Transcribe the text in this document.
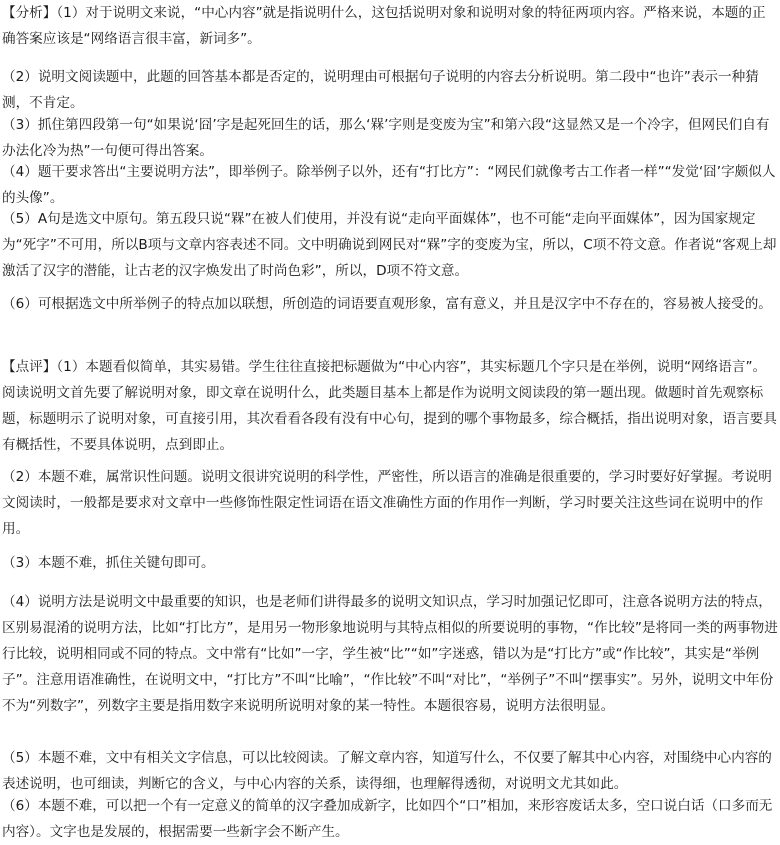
【分析】（1）对于说明文来说，“中心内容”就是指说明什么，这包括说明对象和说明对象的特征两项内容。严格来说，本题的正确答案应该是“网络语言很丰富，新词多”。

（2）说明文阅读题中，此题的回答基本都是否定的，说明理由可根据句子说明的内容去分析说明。第二段中“也许”表示一种猜测，不肯定。

（3）抓住第四段第一句“如果说‘囧’字是起死回生的话，那么‘槑’字则是变废为宝”和第六段“这显然又是一个冷字，但网民们自有办法化冷为热”一句便可得出答案。

（4）题干要求答出“主要说明方法”，即举例子。除举例子以外，还有“打比方”：“网民们就像考古工作者一样”“发觉‘囧’字颇似人的头像”。

（5）A句是选文中原句。第五段只说“槑”在被人们使用，并没有说“走向平面媒体”，也不可能“走向平面媒体”，因为国家规定为“死字”不可用，所以B项与文章内容表述不同。文中明确说到网民对“槑”字的变废为宝，所以，C项不符文意。作者说“客观上却激活了汉字的潜能，让古老的汉字焕发出了时尚色彩”，所以，D项不符文意。

（6）可根据选文中所举例子的特点加以联想，所创造的词语要直观形象，富有意义，并且是汉字中不存在的，容易被人接受的。

【点评】（1）本题看似简单，其实易错。学生往往直接把标题做为“中心内容”，其实标题几个字只是在举例，说明“网络语言”。阅读说明文首先要了解说明对象，即文章在说明什么，此类题目基本上都是作为说明文阅读段的第一题出现。做题时首先观察标题，标题明示了说明对象，可直接引用，其次看看各段有没有中心句，提到的哪个事物最多，综合概括，指出说明对象，语言要具有概括性，不要具体说明，点到即止。

（2）本题不难，属常识性问题。说明文很讲究说明的科学性，严密性，所以语言的准确是很重要的，学习时要好好掌握。考说明文阅读时，一般都是要求对文章中一些修饰性限定性词语在语文准确性方面的作用作一判断，学习时要关注这些词在说明中的作用。

（3）本题不难，抓住关键句即可。

（4）说明方法是说明文中最重要的知识，也是老师们讲得最多的说明文知识点，学习时加强记忆即可，注意各说明方法的特点，区别易混淆的说明方法，比如“打比方”，是用另一物形象地说明与其特点相似的所要说明的事物，“作比较”是将同一类的两事物进行比较，说明相同或不同的特点。文中常有“比如”一字，学生被“比”“如”字迷惑，错以为是“打比方”或“作比较”，其实是“举例子”。注意用语准确性，在说明文中，“打比方”不叫“比喻”，“作比较”不叫“对比”，“举例子”不叫“摆事实”。另外，说明文中年份不为“列数字”，列数字主要是指用数字来说明所说明对象的某一特性。本题很容易，说明方法很明显。

（5）本题不难，文中有相关文字信息，可以比较阅读。了解文章内容，知道写什么，不仅要了解其中心内容，对围绕中心内容的表述说明，也可细读，判断它的含义，与中心内容的关系，读得细，也理解得透彻，对说明文尤其如此。

（6）本题不难，可以把一个有一定意义的简单的汉字叠加成新字，比如四个“口”相加，来形容废话太多，空口说白话（口多而无内容）。文字也是发展的，根据需要一些新字会不断产生。
